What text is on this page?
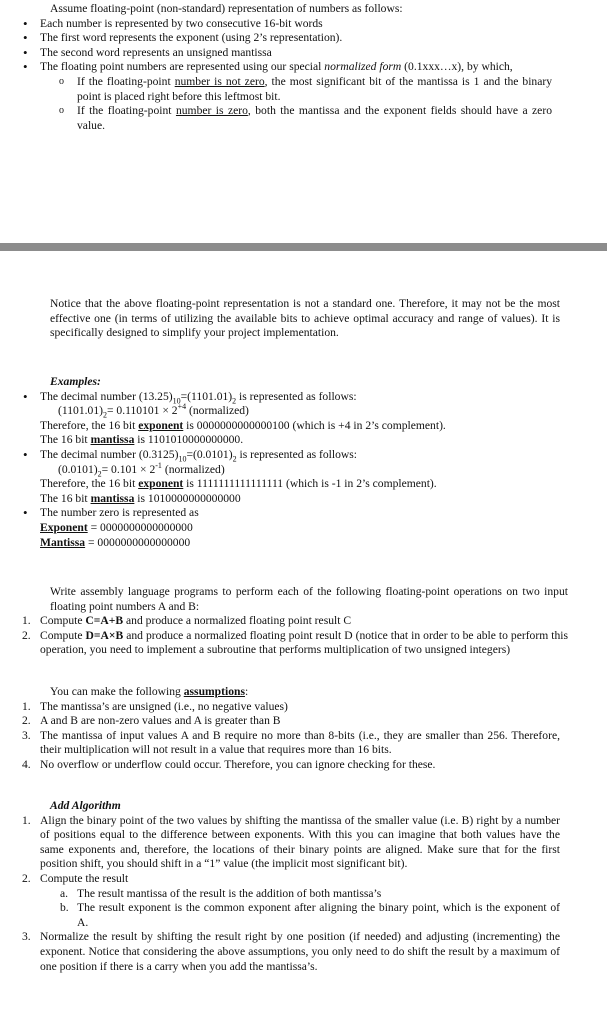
Assume floating-point (non-standard) representation of numbers as follows:

• Each number is represented by two consecutive 16-bit words
• The first word represents the exponent (using 2’s representation).
• The second word represents an unsigned mantissa
• The floating point numbers are represented using our special normalized form (0.1xxx…x), by which,
o If the floating-point number is not zero, the most significant bit of the mantissa is 1 and the binary point is placed right before this leftmost bit.
o If the floating-point number is zero, both the mantissa and the exponent fields should have a zero value.

Notice that the above floating-point representation is not a standard one. Therefore, it may not be the most effective one (in terms of utilizing the available bits to achieve optimal accuracy and range of values). It is specifically designed to simplify your project implementation.

Examples:
• The decimal number $(13.25)_{10}=(1101.01)_2$ is represented as follows:
$(1101.01)_2= 0.110101 \times 2^{+4}$ (normalized)
Therefore, the 16 bit exponent is 0000000000000100 (which is +4 in 2’s complement).
The 16 bit mantissa is 1101010000000000.
• The decimal number $(0.3125)_{10}=(0.0101)_2$ is represented as follows:
$(0.0101)_2= 0.101 \times 2^{-1}$ (normalized)
Therefore, the 16 bit exponent is 1111111111111111 (which is -1 in 2’s complement).
The 16 bit mantissa is 1010000000000000
• The number zero is represented as
Exponent = 0000000000000000
Mantissa = 0000000000000000

Write assembly language programs to perform each of the following floating-point operations on two input floating point numbers A and B:

1. Compute C=A+B and produce a normalized floating point result C
2. Compute D=A×B and produce a normalized floating point result D (notice that in order to be able to perform this operation, you need to implement a subroutine that performs multiplication of two unsigned integers)
You can make the following assumptions:
1. The mantissa’s are unsigned (i.e., no negative values)
2. A and B are non-zero values and A is greater than B
3. The mantissa of input values A and B require no more than 8-bits (i.e., they are smaller than 256. Therefore, their multiplication will not result in a value that requires more than 16 bits.
4. No overflow or underflow could occur. Therefore, you can ignore checking for these.
Add Algorithm
1. Align the binary point of the two values by shifting the mantissa of the smaller value (i.e. B) right by a number of positions equal to the difference between exponents. With this you can imagine that both values have the same exponents and, therefore, the locations of their binary points are aligned. Make sure that for the first position shift, you should shift in a “1” value (the implicit most significant bit).
2. Compute the result
a. The result mantissa of the result is the addition of both mantissa’s
b. The result exponent is the common exponent after aligning the binary point, which is the exponent of A.
3. Normalize the result by shifting the result right by one position (if needed) and adjusting (incrementing) the exponent. Notice that considering the above assumptions, you only need to do shift the result by a maximum of one position if there is a carry when you add the mantissa’s.
